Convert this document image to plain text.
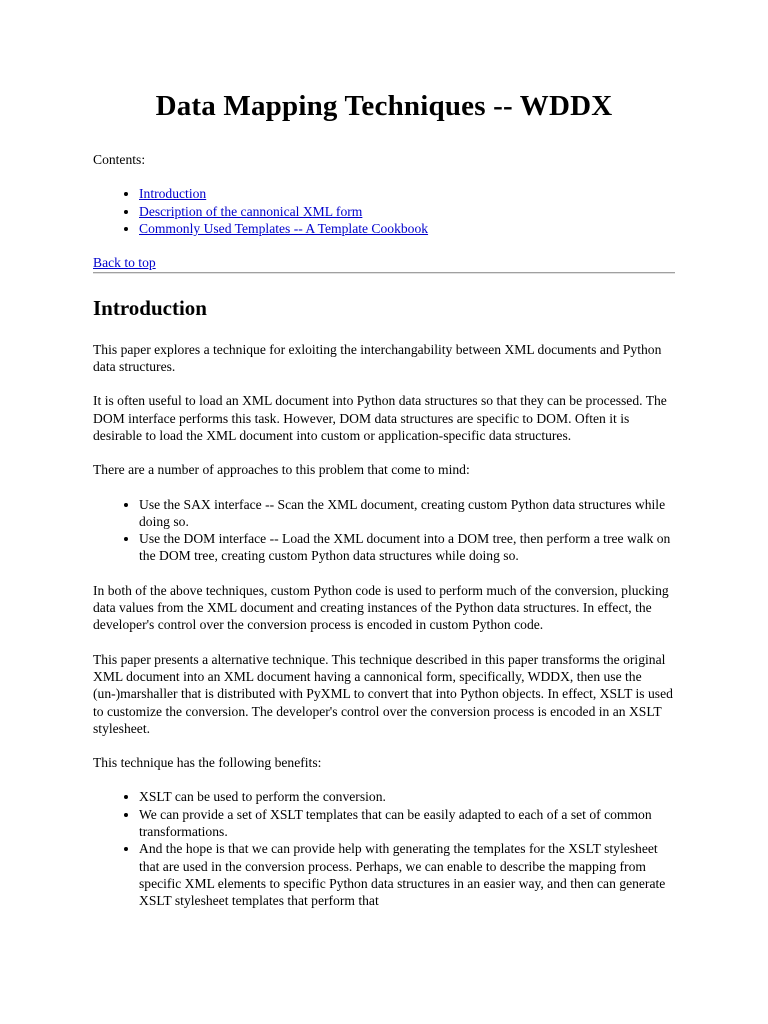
Data Mapping Techniques -- WDDX

Contents:

• Introduction
• Description of the cannonical XML form
• Commonly Used Templates -- A Template Cookbook

Back to top

Introduction

This paper explores a technique for exloiting the interchangability between XML documents and Python data structures.

It is often useful to load an XML document into Python data structures so that they can be processed. The DOM interface performs this task. However, DOM data structures are specific to DOM. Often it is desirable to load the XML document into custom or application-specific data structures.

There are a number of approaches to this problem that come to mind:

• Use the SAX interface -- Scan the XML document, creating custom Python data structures while doing so.
• Use the DOM interface -- Load the XML document into a DOM tree, then perform a tree walk on the DOM tree, creating custom Python data structures while doing so.

In both of the above techniques, custom Python code is used to perform much of the conversion, plucking data values from the XML document and creating instances of the Python data structures. In effect, the developer's control over the conversion process is encoded in custom Python code.

This paper presents a alternative technique. This technique described in this paper transforms the original XML document into an XML document having a cannonical form, specifically, WDDX, then use the (un-)marshaller that is distributed with PyXML to convert that into Python objects. In effect, XSLT is used to customize the conversion. The developer's control over the conversion process is encoded in an XSLT stylesheet.

This technique has the following benefits:

• XSLT can be used to perform the conversion.
• We can provide a set of XSLT templates that can be easily adapted to each of a set of common transformations.
• And the hope is that we can provide help with generating the templates for the XSLT stylesheet that are used in the conversion process. Perhaps, we can enable to describe the mapping from specific XML elements to specific Python data structures in an easier way, and then can generate XSLT stylesheet templates that perform that
